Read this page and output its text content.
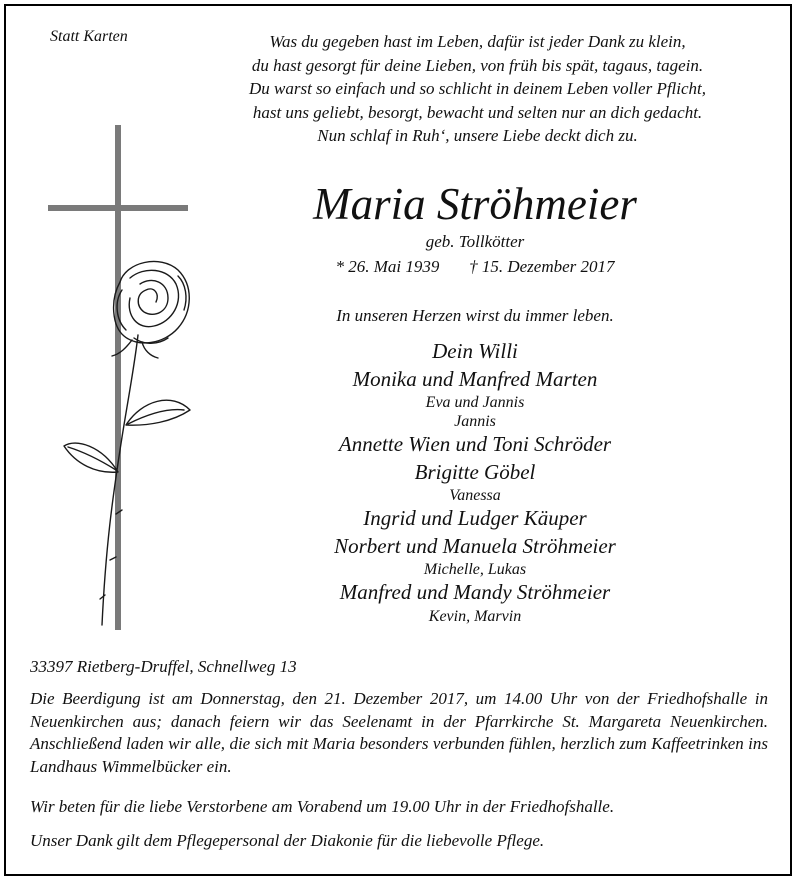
Statt Karten	Was du gegeben hast im Leben, dafür ist jeder Dank zu klein,
du hast gesorgt für deine Lieben, von früh bis spät, tagaus, tagein.
Du warst so einfach und so schlicht in deinem Leben voller Pflicht,
hast uns geliebt, besorgt, bewacht und selten nur an dich gedacht.
Nun schlaf in Ruh‘, unsere Liebe deckt dich zu.
Maria Ströhmeier
geb. Tollkötter
* 26. Mai 1939       † 15. Dezember 2017
In unseren Herzen wirst du immer leben.
Dein Willi
Monika und Manfred Marten
Eva und Jannis
Jannis
Annette Wien und Toni Schröder
Brigitte Göbel
Vanessa
Ingrid und Ludger Käuper
Norbert und Manuela Ströhmeier
Michelle, Lukas
Manfred und Mandy Ströhmeier
Kevin, Marvin
33397 Rietberg-Druffel, Schnellweg 13
Die Beerdigung ist am Donnerstag, den 21. Dezember 2017, um 14.00 Uhr von der Friedhofshalle in Neuenkirchen aus; danach feiern wir das Seelenamt in der Pfarrkirche St. Margareta Neuenkirchen. Anschließend laden wir alle, die sich mit Maria besonders verbunden fühlen, herzlich zum Kaffeetrinken ins Landhaus Wimmelbücker ein.
Wir beten für die liebe Verstorbene am Vorabend um 19.00 Uhr in der Friedhofshalle.
Unser Dank gilt dem Pflegepersonal der Diakonie für die liebevolle Pflege.
